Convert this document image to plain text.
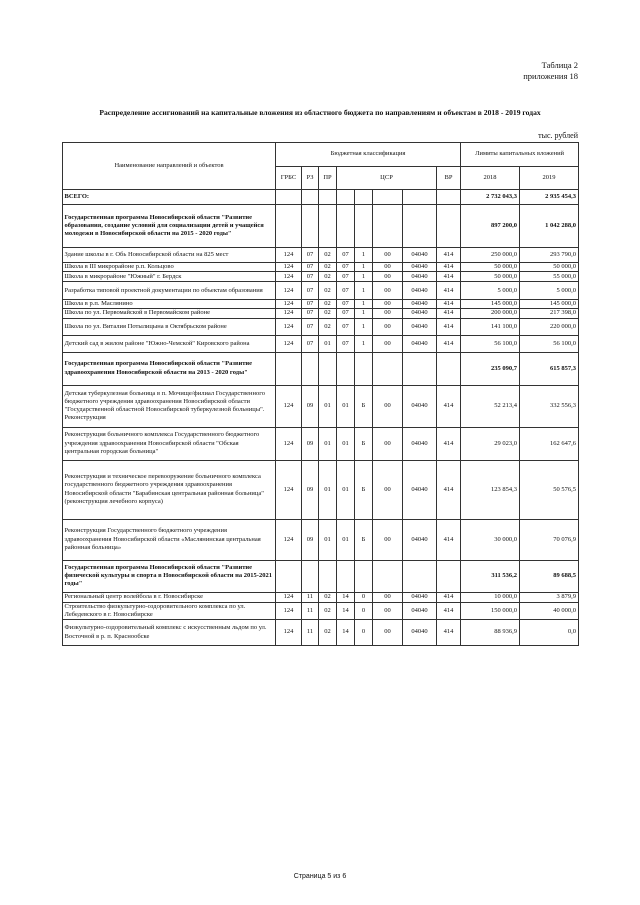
Таблица 2
приложения 18
Распределение ассигнований на капитальные вложения из областного бюджета по направлениям и объектам в 2018 - 2019 годах
тыс. рублей
Наименование направлений и объектов	Бюджетная классификация								Лимиты капитальных вложений	
	ГРБС	РЗ	ПР	ЦСР				ВР	2018	2019
ВСЕГО:									2 732 043,3	2 935 454,3
Государственная программа Новосибирской области "Развитие образования, создание условий для социализации детей и учащейся молодежи в Новосибирской области на 2015 - 2020 годы"									897 200,0	1 042 288,0
Здание школы в г. Обь Новосибирской области на 825 мест	124	07	02	07	1	00	04040	414	250 000,0	293 790,0
Школа в III микрорайоне р.п. Кольцово	124	07	02	07	1	00	04040	414	50 000,0	50 000,0
Школа в микрорайоне "Южный" г. Бердск	124	07	02	07	1	00	04040	414	50 000,0	55 000,0
Разработка типовой проектной документации по объектам образования	124	07	02	07	1	00	04040	414	5 000,0	5 000,0
Школа в р.п. Маслянино	124	07	02	07	1	00	04040	414	145 000,0	145 000,0
Школа по ул. Первомайской в Первомайском районе	124	07	02	07	1	00	04040	414	200 000,0	217 398,0
Школа по ул. Виталия Потылицына в Октябрьском районе	124	07	02	07	1	00	04040	414	141 100,0	220 000,0
Детский сад в жилом районе "Южно-Чемской" Кировского района	124	07	01	07	1	00	04040	414	56 100,0	56 100,0
Государственная программа Новосибирской области "Развитие здравоохранения Новосибирской области на 2013 - 2020 годы"									235 090,7	615 857,3
Детская туберкулезная больница в п. Мочище/филиал Государственного бюджетного учреждения здравоохранения Новосибирской области "Государственной областной Новосибирской туберкулезной больницы". Реконструкция	124	09	01	01	Б	00	04040	414	52 213,4	332 556,3
Реконструкция больничного комплекса Государственного бюджетного учреждения здравоохранения Новосибирской области "Обская центральная городская больница"	124	09	01	01	Б	00	04040	414	29 023,0	162 647,6
Реконструкция и техническое перевооружение больничного комплекса государственного бюджетного учреждения здравоохранения Новосибирской области "Барабинская центральная районная больница" (реконструкция лечебного корпуса)	124	09	01	01	Б	00	04040	414	123 854,3	50 576,5
Реконструкция Государственного бюджетного учреждения здравоохранения Новосибирской области «Маслянинская центральная районная больница»	124	09	01	01	Б	00	04040	414	30 000,0	70 076,9
Государственная программа Новосибирской области "Развитие физической культуры и спорта в Новосибирской области на 2015-2021 годы"									311 536,2	89 688,5
Региональный центр волейбола в г. Новосибирске	124	11	02	14	0	00	04040	414	10 000,0	3 879,9
Строительство физкультурно-оздоровительного комплекса по ул. Лебедевского в г. Новосибирске	124	11	02	14	0	00	04040	414	150 000,0	40 000,0
Физкультурно-оздоровительный комплекс с искусственным льдом по ул. Восточной в р. п. Краснообске	124	11	02	14	0	00	04040	414	88 936,9	0,0
Страница 5 из 6
